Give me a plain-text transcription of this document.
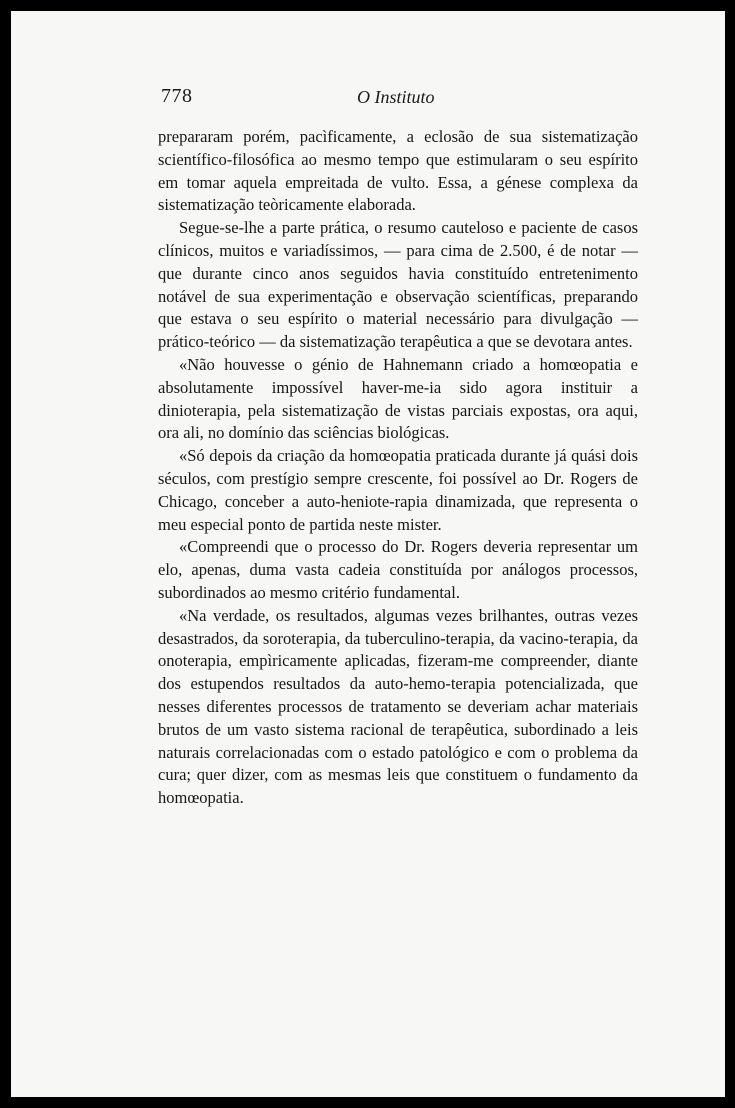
778	O Instituto

prepararam porém, pacìficamente, a eclosão de sua sistematização scientífico-filosófica ao mesmo tempo que estimularam o seu espírito em tomar aquela empreitada de vulto. Essa, a génese complexa da sistematização teòricamente elaborada.

Segue-se-lhe a parte prática, o resumo cauteloso e paciente de casos clínicos, muitos e variadíssimos, — para cima de 2.500, é de notar — que durante cinco anos seguidos havia constituído entretenimento notável de sua experimentação e observação scientíficas, preparando que estava o seu espírito o material necessário para divulgação — prático-teórico — da sistematização terapêutica a que se devotara antes.

«Não houvesse o génio de Hahnemann criado a homœopatia e absolutamente impossível haver-me-ia sido agora instituir a dinioterapia, pela sistematização de vistas parciais expostas, ora aqui, ora ali, no domínio das sciências biológicas.

«Só depois da criação da homœopatia praticada durante já quási dois séculos, com prestígio sempre crescente, foi possível ao Dr. Rogers de Chicago, conceber a auto-heniote-rapia dinamizada, que representa o meu especial ponto de partida neste mister.

«Compreendi que o processo do Dr. Rogers deveria representar um elo, apenas, duma vasta cadeia constituída por análogos processos, subordinados ao mesmo critério fundamental.

«Na verdade, os resultados, algumas vezes brilhantes, outras vezes desastrados, da soroterapia, da tuberculino-terapia, da vacino-terapia, da onoterapia, empìricamente aplicadas, fizeram-me compreender, diante dos estupendos resultados da auto-hemo-terapia potencializada, que nesses diferentes processos de tratamento se deveriam achar materiais brutos de um vasto sistema racional de terapêutica, subordinado a leis naturais correlacionadas com o estado patológico e com o problema da cura; quer dizer, com as mesmas leis que constituem o fundamento da homœopatia.
